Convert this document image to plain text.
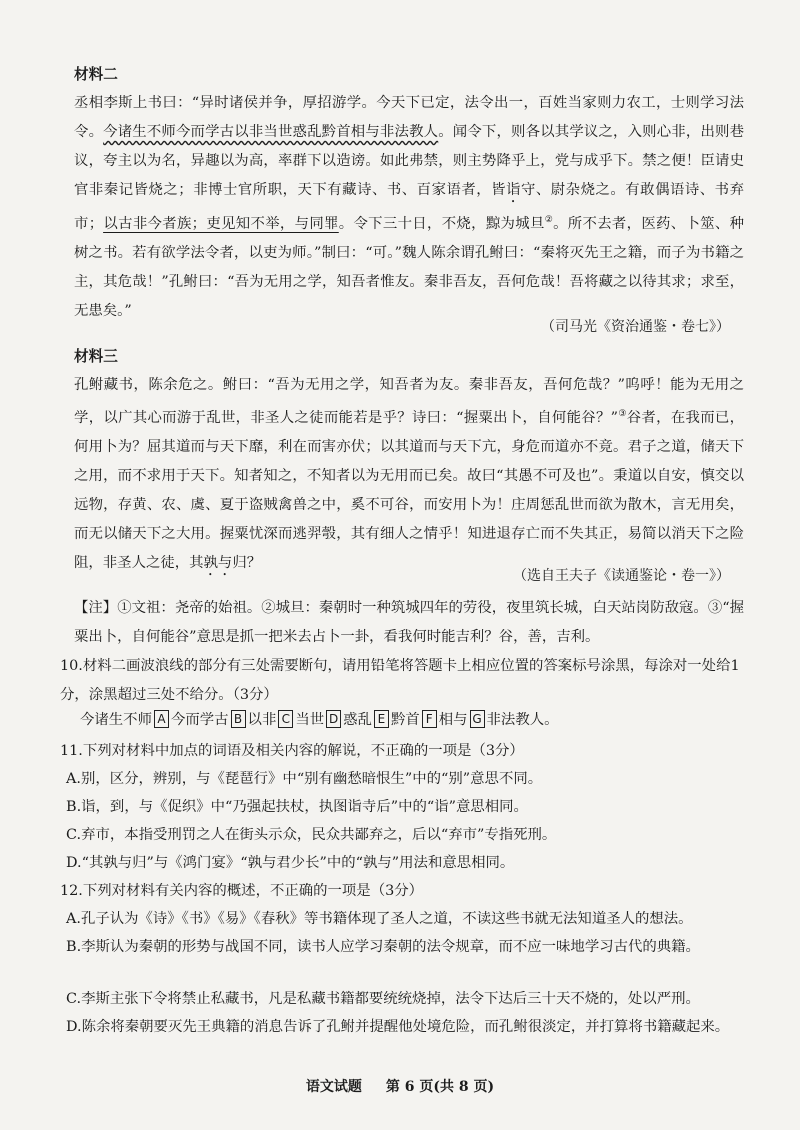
材料二
丞相李斯上书曰：“异时诸侯并争，厚招游学。今天下已定，法令出一，百姓当家则力农工，士则学习法令。今诸生不师今而学古以非当世惑乱黔首相与非法教人。闻令下，则各以其学议之，入则心非，出则巷议，夸主以为名，异趣以为高，率群下以造谤。如此弗禁，则主势降乎上，党与成乎下。禁之便！臣请史官非秦记皆烧之；非博士官所职，天下有藏诗、书、百家语者，皆诣守、尉杂烧之。有敢偶语诗、书弃市；以古非今者族；吏见知不举，与同罪。令下三十日，不烧，黥为城旦②。所不去者，医药、卜筮、种树之书。若有欲学法令者，以吏为师。”制曰：“可。”魏人陈余谓孔鲋曰：“秦将灭先王之籍，而子为书籍之主，其危哉！”孔鲋曰：“吾为无用之学，知吾者惟友。秦非吾友，吾何危哉！吾将藏之以待其求；求至，无患矣。”
（司马光《资治通鉴・卷七》）
材料三
孔鲋藏书，陈余危之。鲋曰：“吾为无用之学，知吾者为友。秦非吾友，吾何危哉？”呜呼！能为无用之学，以广其心而游于乱世，非圣人之徒而能若是乎？诗曰：“握粟出卜，自何能谷？”③谷者，在我而已，何用卜为？屈其道而与天下靡，利在而害亦伏；以其道而与天下亢，身危而道亦不竞。君子之道，储天下之用，而不求用于天下。知者知之，不知者以为无用而已矣。故曰“其愚不可及也”。秉道以自安，慎交以远物，存黄、农、虞、夏于盗贼禽兽之中，奚不可谷，而安用卜为！庄周惩乱世而欲为散木，言无用矣，而无以储天下之大用。握粟忧深而逃羿彀，其有细人之情乎！知进退存亡而不失其正，易简以消天下之险阻，非圣人之徒，其孰与归？
（选自王夫子《读通鉴论・卷一》）
【注】①文祖：尧帝的始祖。②城旦：秦朝时一种筑城四年的劳役，夜里筑长城，白天站岗防敌寇。③“握粟出卜，自何能谷”意思是抓一把米去占卜一卦，看我何时能吉利？谷，善，吉利。
10.材料二画波浪线的部分有三处需要断句，请用铅笔将答题卡上相应位置的答案标号涂黑，每涂对一处给1分，涂黑超过三处不给分。（3分）
今诸生不师 A 今而学古 B 以非 C 当世 D 惑乱 E 黔首 F 相与 G 非法教人。
11.下列对材料中加点的词语及相关内容的解说，不正确的一项是（3分）
A.别，区分，辨别，与《琵琶行》中“别有幽愁暗恨生”中的“别”意思不同。
B.诣，到，与《促织》中“乃强起扶杖，执图诣寺后”中的“诣”意思相同。
C.弃市，本指受刑罚之人在街头示众，民众共鄙弃之，后以“弃市”专指死刑。
D.“其孰与归”与《鸿门宴》“孰与君少长”中的“孰与”用法和意思相同。
12.下列对材料有关内容的概述，不正确的一项是（3分）
A.孔子认为《诗》《书》《易》《春秋》等书籍体现了圣人之道，不读这些书就无法知道圣人的想法。
B.李斯认为秦朝的形势与战国不同，读书人应学习秦朝的法令规章，而不应一味地学习古代的典籍。
C.李斯主张下令将禁止私藏书，凡是私藏书籍都要统统烧掉，法令下达后三十天不烧的，处以严刑。
D.陈余将秦朝要灭先王典籍的消息告诉了孔鲋并提醒他处境危险，而孔鲋很淡定，并打算将书籍藏起来。
语文试题 第 6 页(共 8 页)
